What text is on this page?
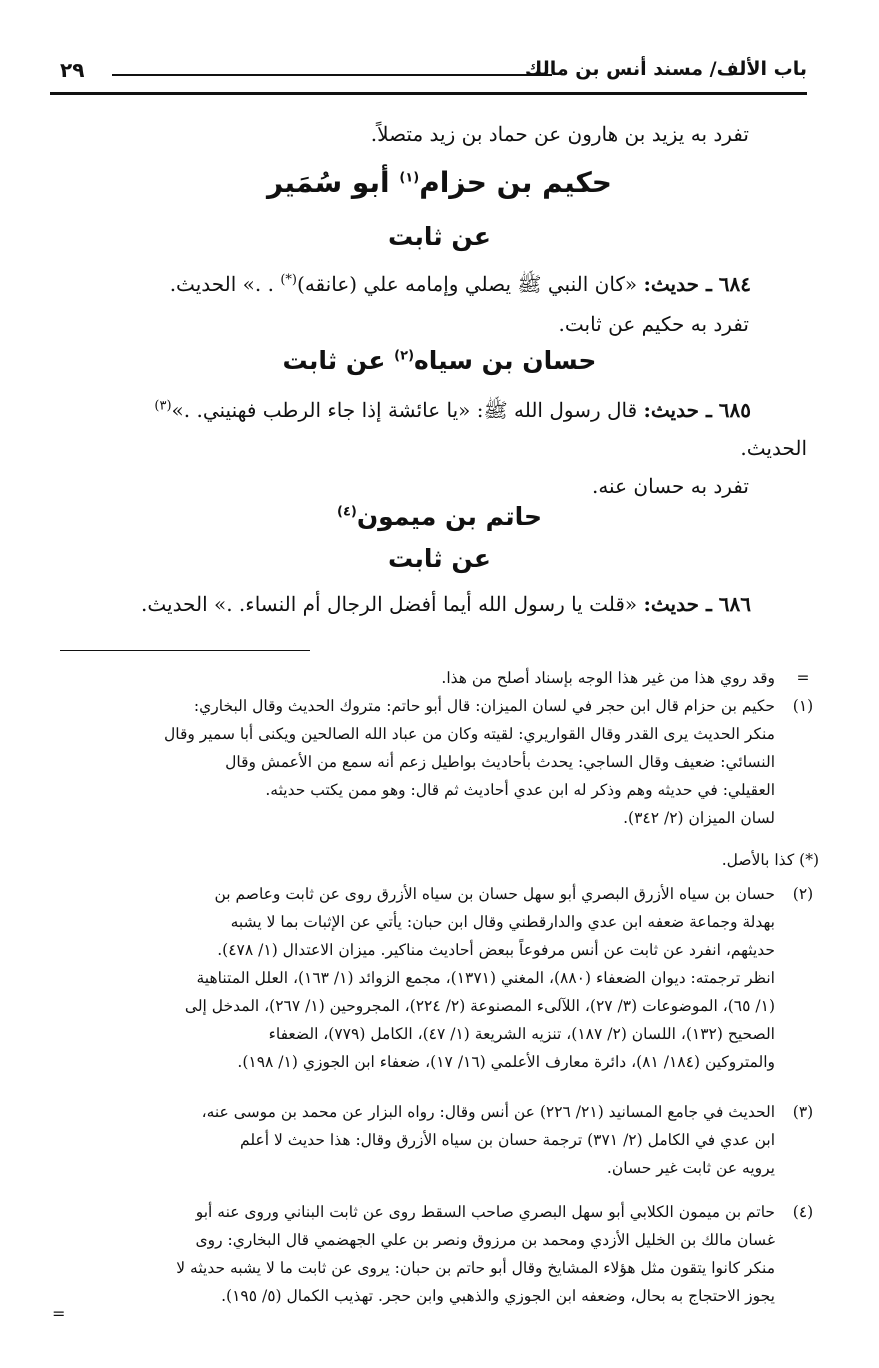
باب الألف/ مسند أنس بن مالك
٢٩
تفرد به يزيد بن هارون عن حماد بن زيد متصلاً.
حكيم بن حزام$^{(١)}$ أبو سُمَير
عن ثابت
٦٨٤ ـ حديث: «كان النبي ﷺ يصلي وإمامه علي (عانقه)(*) . .» الحديث.
تفرد به حكيم عن ثابت.
حسان بن سياه$^{(٢)}$ عن ثابت
٦٨٥ ـ حديث: قال رسول الله ﷺ: «يا عائشة إذا جاء الرطب فهنيني. .»$^{(٣)}$
الحديث.
تفرد به حسان عنه.
حاتم بن ميمون$^{(٤)}$
عن ثابت
٦٨٦ ـ حديث: «قلت يا رسول الله أيما أفضل الرجال أم النساء. .» الحديث.
=
وقد روي هذا من غير هذا الوجه بإسناد أصلح من هذا.
(١)
حكيم بن حزام قال ابن حجر في لسان الميزان: قال أبو حاتم: متروك الحديث وقال البخاري:
منكر الحديث يرى القدر وقال القواريري: لقيته وكان من عباد الله الصالحين ويكنى أبا سمير وقال
النسائي: ضعيف وقال الساجي: يحدث بأحاديث بواطيل زعم أنه سمع من الأعمش وقال
العقيلي: في حديثه وهم وذكر له ابن عدي أحاديث ثم قال: وهو ممن يكتب حديثه.
لسان الميزان (٢/ ٣٤٢).
(*) كذا بالأصل.
(٢)
حسان بن سياه الأزرق البصري أبو سهل حسان بن سياه الأزرق روى عن ثابت وعاصم بن
بهدلة وجماعة ضعفه ابن عدي والدارقطني وقال ابن حبان: يأتي عن الإثبات بما لا يشبه
حديثهم، انفرد عن ثابت عن أنس مرفوعاً ببعض أحاديث مناكير. ميزان الاعتدال (١/ ٤٧٨).
انظر ترجمته: ديوان الضعفاء (٨٨٠)، المغني (١٣٧١)، مجمع الزوائد (١/ ١٦٣)، العلل المتناهية
(١/ ٦٥)، الموضوعات (٣/ ٢٧)، اللآلىء المصنوعة (٢/ ٢٢٤)، المجروحين (١/ ٢٦٧)، المدخل إلى
الصحيح (١٣٢)، اللسان (٢/ ١٨٧)، تنزيه الشريعة (١/ ٤٧)، الكامل (٧٧٩)، الضعفاء
والمتروكين (١٨٤/ ٨١)، دائرة معارف الأعلمي (١٦/ ١٧)، ضعفاء ابن الجوزي (١/ ١٩٨).
(٣)
الحديث في جامع المسانيد (٢١/ ٢٢٦) عن أنس وقال: رواه البزار عن محمد بن موسى عنه،
ابن عدي في الكامل (٢/ ٣٧١) ترجمة حسان بن سياه الأزرق وقال: هذا حديث لا أعلم
يرويه عن ثابت غير حسان.
(٤)
حاتم بن ميمون الكلابي أبو سهل البصري صاحب السقط روى عن ثابت البناني وروى عنه أبو
غسان مالك بن الخليل الأزدي ومحمد بن مرزوق ونصر بن علي الجهضمي قال البخاري: روى
منكر كانوا يتقون مثل هؤلاء المشايخ وقال أبو حاتم بن حبان: يروى عن ثابت ما لا يشبه حديثه لا
يجوز الاحتجاج به بحال، وضعفه ابن الجوزي والذهبي وابن حجر. تهذيب الكمال (٥/ ١٩٥).
=
